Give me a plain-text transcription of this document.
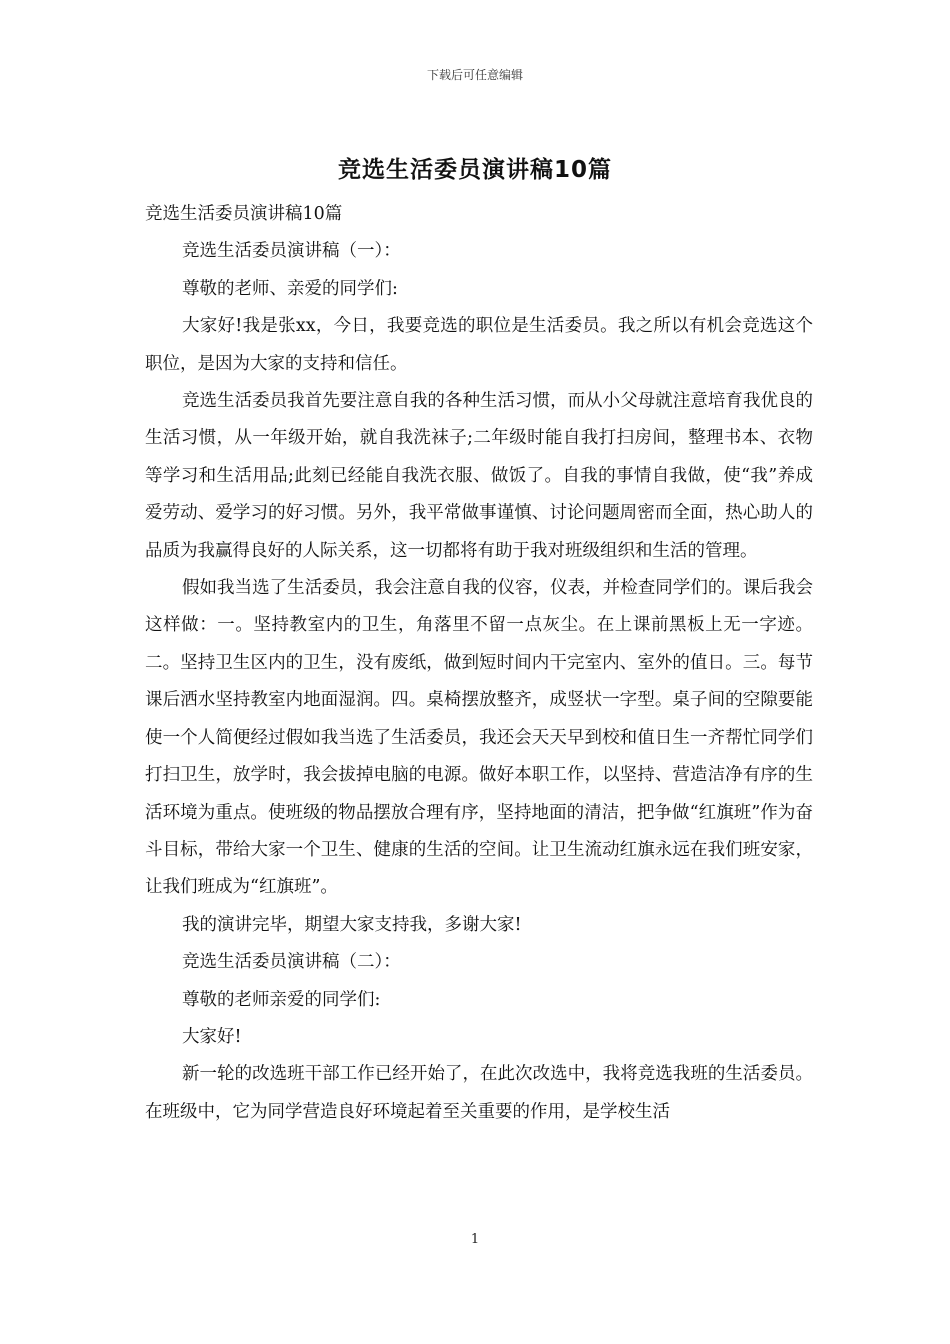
下载后可任意编辑
竞选生活委员演讲稿10篇

竞选生活委员演讲稿10篇

竞选生活委员演讲稿（一）：

尊敬的老师、亲爱的同学们:

大家好!我是张xx，今日，我要竞选的职位是生活委员。我之所以有机会竞选这个职位，是因为大家的支持和信任。

竞选生活委员我首先要注意自我的各种生活习惯，而从小父母就注意培育我优良的生活习惯，从一年级开始，就自我洗袜子;二年级时能自我打扫房间，整理书本、衣物等学习和生活用品;此刻已经能自我洗衣服、做饭了。自我的事情自我做，使“我”养成爱劳动、爱学习的好习惯。另外，我平常做事谨慎、讨论问题周密而全面，热心助人的品质为我赢得良好的人际关系，这一切都将有助于我对班级组织和生活的管理。

假如我当选了生活委员，我会注意自我的仪容，仪表，并检查同学们的。课后我会这样做：一。坚持教室内的卫生，角落里不留一点灰尘。在上课前黑板上无一字迹。二。坚持卫生区内的卫生，没有废纸，做到短时间内干完室内、室外的值日。三。每节课后洒水坚持教室内地面湿润。四。桌椅摆放整齐，成竖状一字型。桌子间的空隙要能使一个人简便经过假如我当选了生活委员，我还会天天早到校和值日生一齐帮忙同学们打扫卫生，放学时，我会拔掉电脑的电源。做好本职工作，以坚持、营造洁净有序的生活环境为重点。使班级的物品摆放合理有序，坚持地面的清洁，把争做“红旗班”作为奋斗目标，带给大家一个卫生、健康的生活的空间。让卫生流动红旗永远在我们班安家，让我们班成为“红旗班”。

我的演讲完毕，期望大家支持我，多谢大家!

竞选生活委员演讲稿（二）：

尊敬的老师亲爱的同学们:

大家好!

新一轮的改选班干部工作已经开始了，在此次改选中，我将竞选我班的生活委员。在班级中，它为同学营造良好环境起着至关重要的作用，是学校生活

1
